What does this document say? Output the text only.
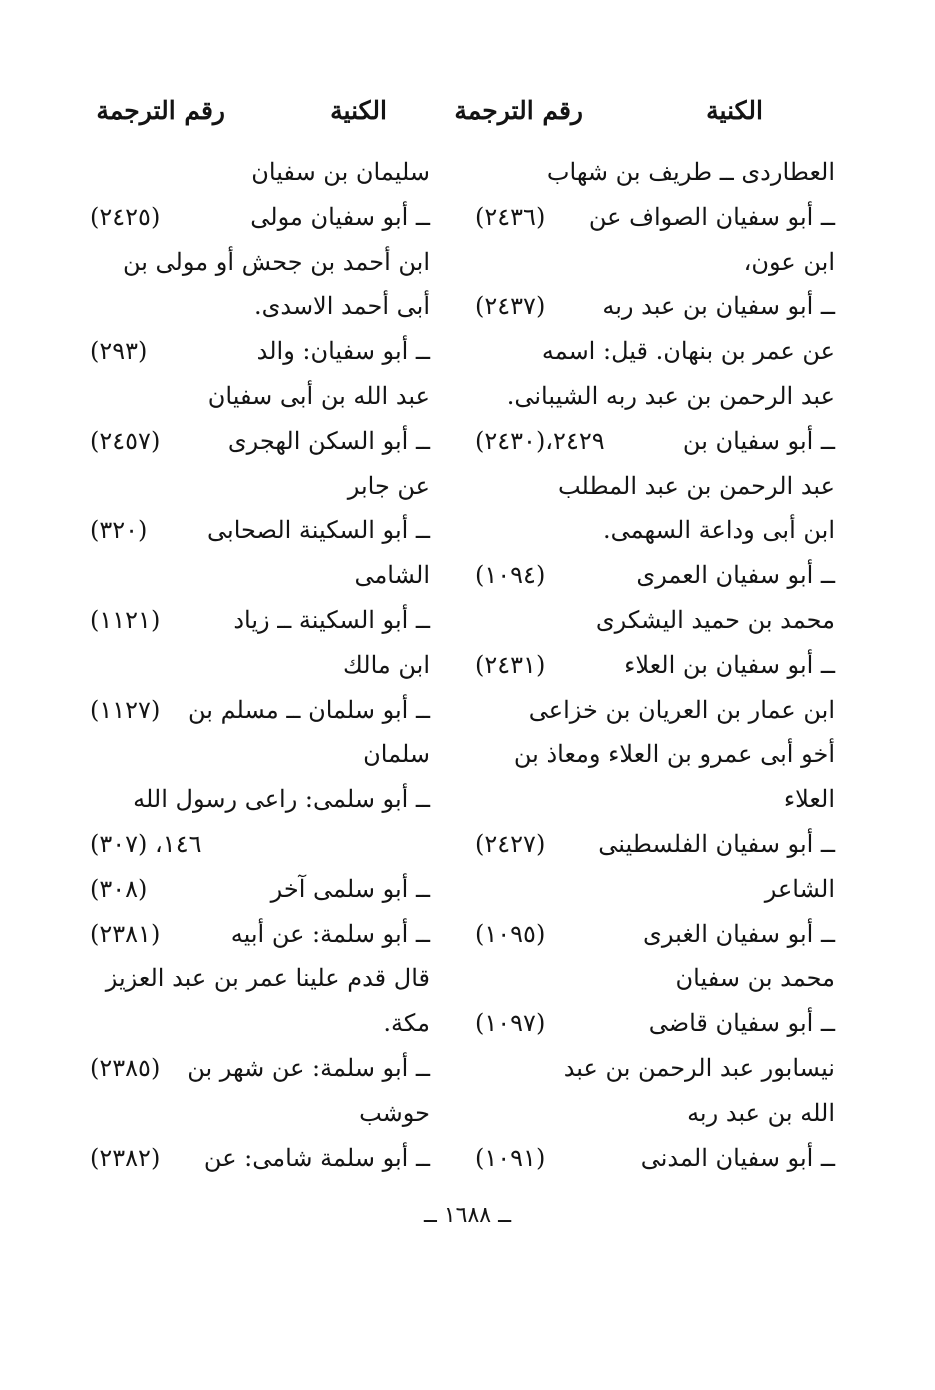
الكنية
رقم الترجمة
الكنية
رقم الترجمة
العطاردى ــ طريف بن شهاب
ــ أبو سفيان الصواف عن
(٢٤٣٦)
ابن عون،
ــ أبو سفيان بن عبد ربه
(٢٤٣٧)
عن عمر بن بنهان. قيل: اسمه
عبد الرحمن بن عبد ربه الشيبانى.
ــ أبو سفيان بن
٢٤٢٩،(٢٤٣٠)
عبد الرحمن بن عبد المطلب
ابن أبى وداعة السهمى.
ــ أبو سفيان العمرى
(١٠٩٤)
محمد بن حميد اليشكرى
ــ أبو سفيان بن العلاء
(٢٤٣١)
ابن عمار بن العريان بن خزاعى
أخو أبى عمرو بن العلاء ومعاذ بن
العلاء
ــ أبو سفيان الفلسطينى
(٢٤٢٧)
الشاعر
ــ أبو سفيان الغبرى
(١٠٩٥)
محمد بن سفيان
ــ أبو سفيان قاضى
(١٠٩٧)
نيسابور عبد الرحمن بن عبد
الله بن عبد ربه
ــ أبو سفيان المدنى
(١٠٩١)
سليمان بن سفيان
ــ أبو سفيان مولى
(٢٤٢٥)
ابن أحمد بن جحش أو مولى بن
أبى أحمد الاسدى.
ــ أبو سفيان: والد
(٢٩٣)
عبد الله بن أبى سفيان
ــ أبو السكن الهجرى
(٢٤٥٧)
عن جابر
ــ أبو السكينة الصحابى
(٣٢٠)
الشامى
ــ أبو السكينة ــ زياد
(١١٢١)
ابن مالك
ــ أبو سلمان ــ مسلم بن
(١١٢٧)
سلمان
ــ أبو سلمى: راعى رسول الله
١٤٦، (٣٠٧)
ــ أبو سلمى آخر
(٣٠٨)
ــ أبو سلمة: عن أبيه
(٢٣٨١)
قال قدم علينا عمر بن عبد العزيز
مكة.
ــ أبو سلمة: عن شهر بن
(٢٣٨٥)
حوشب
ــ أبو سلمة شامى: عن
(٢٣٨٢)
ــ ١٦٨٨ ــ
